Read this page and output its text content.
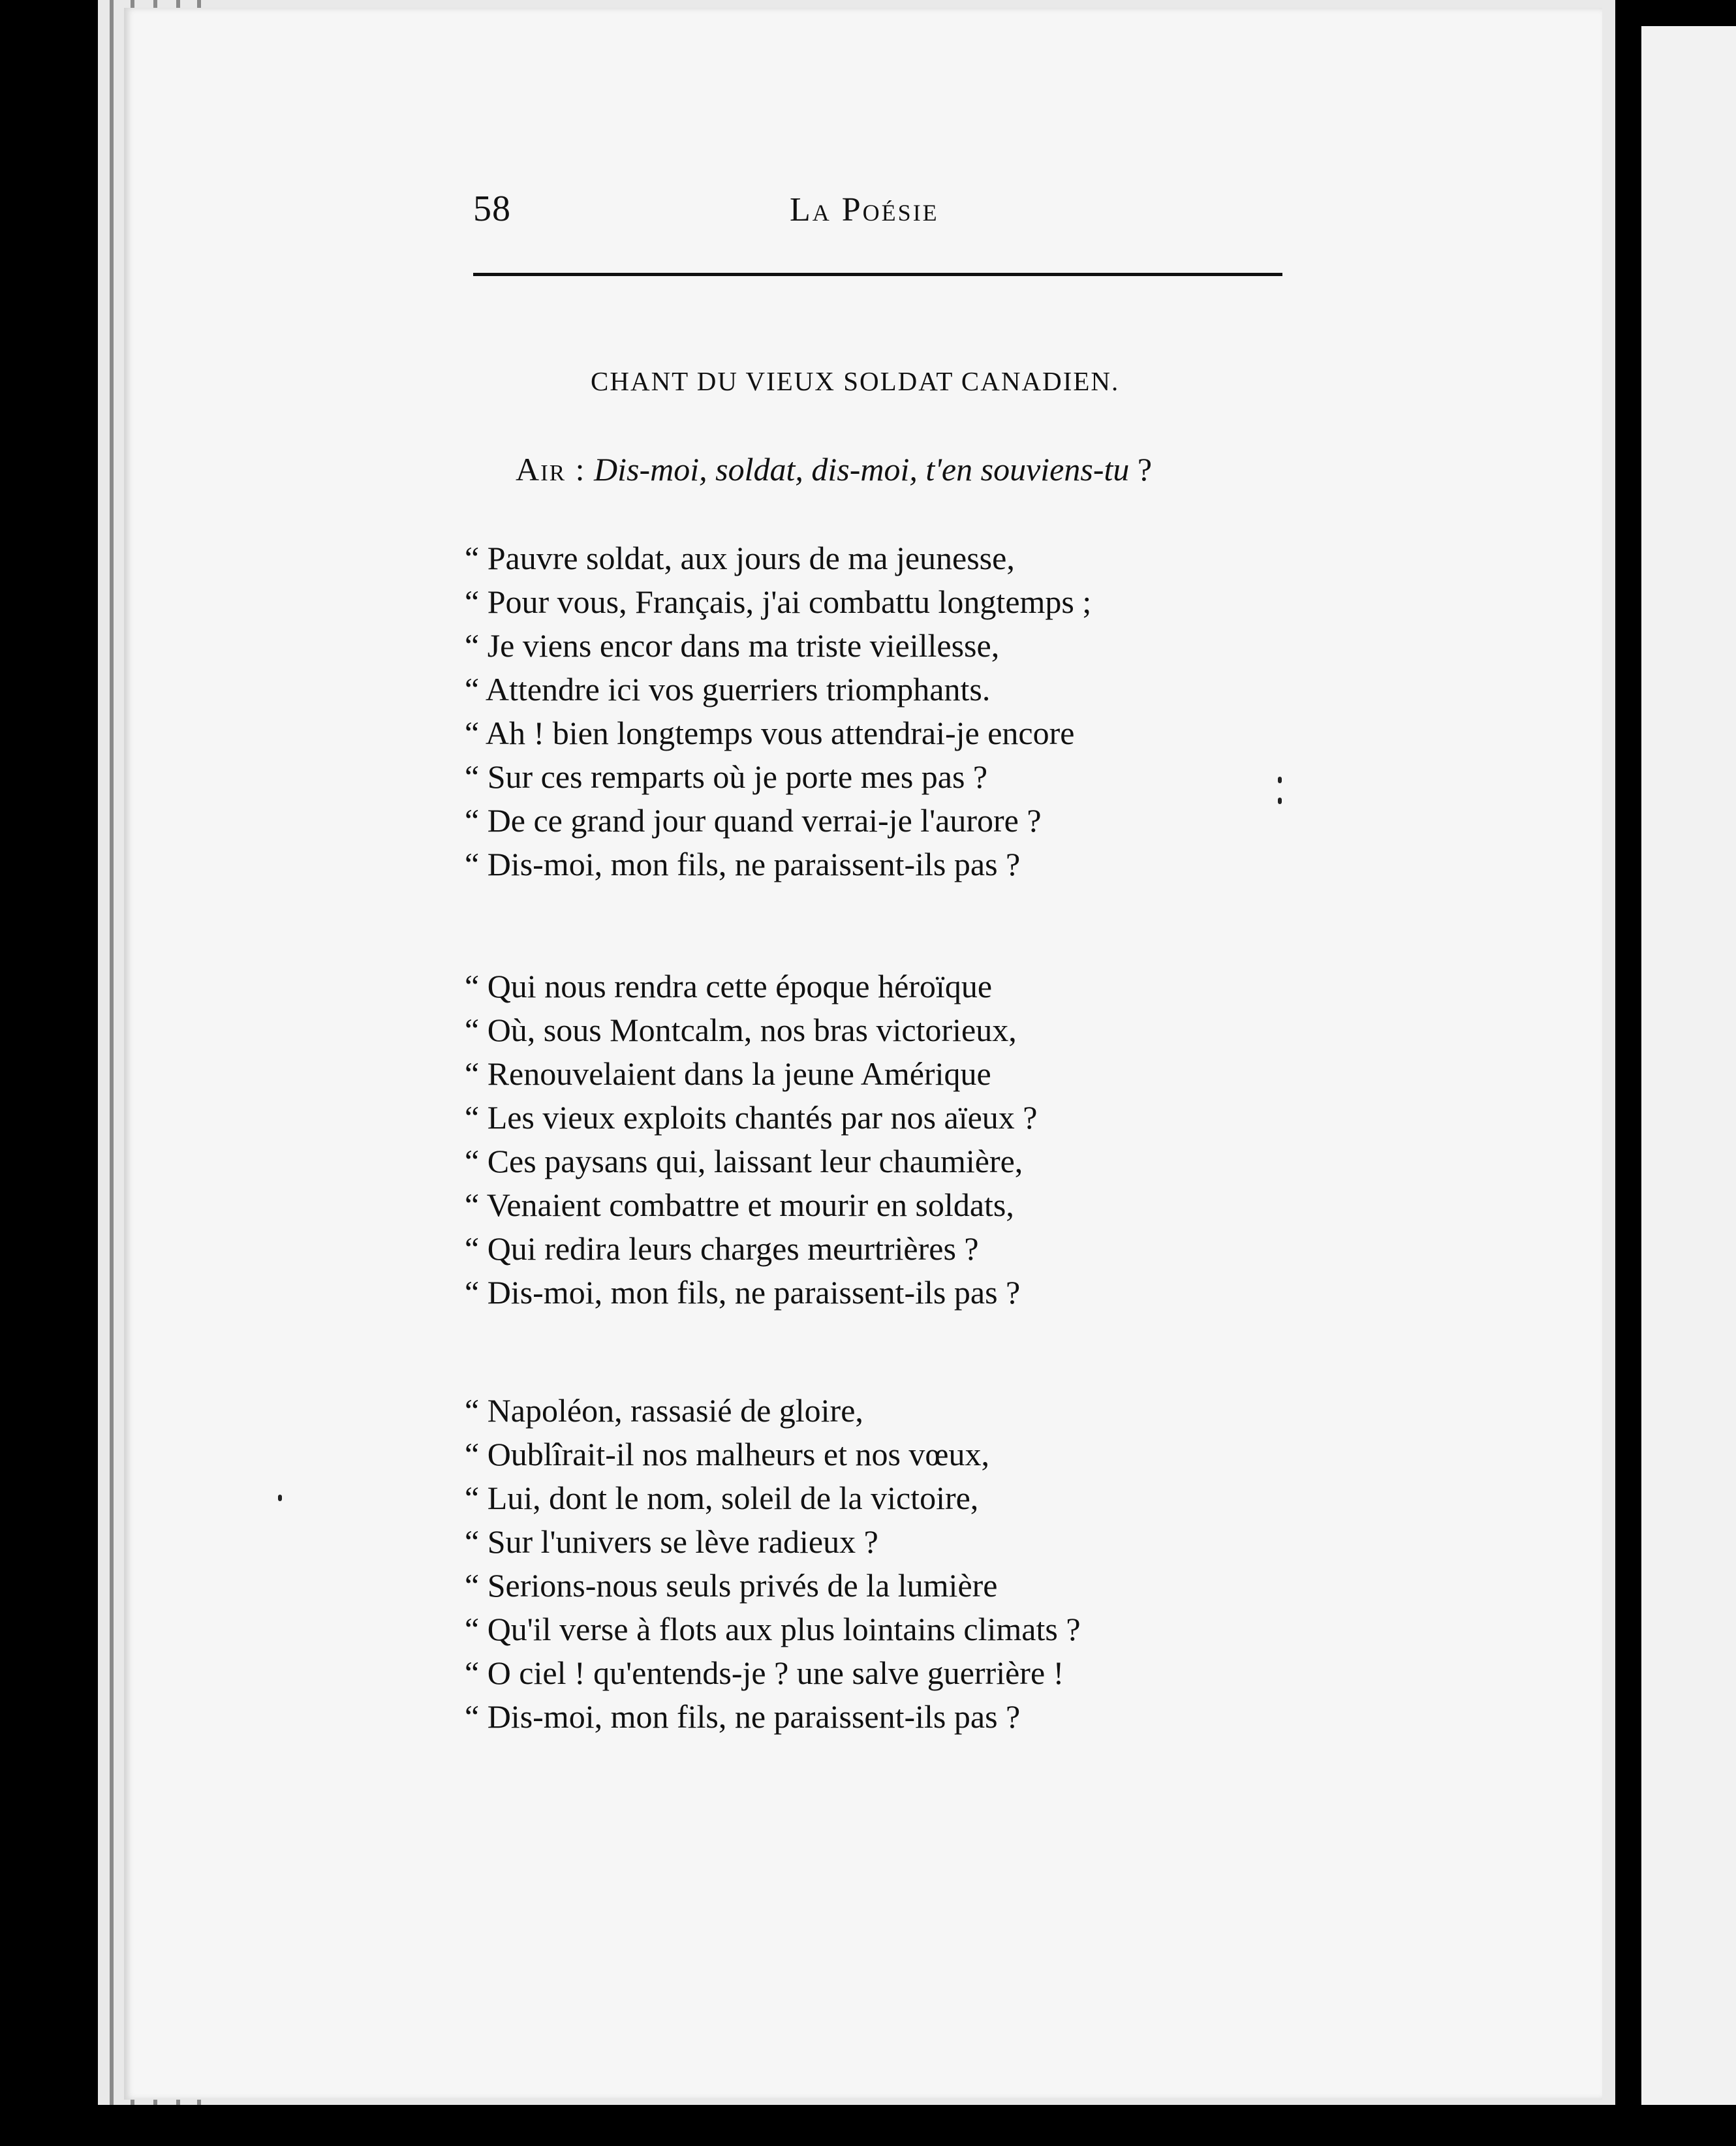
58	La Poésie
CHANT DU VIEUX SOLDAT CANADIEN.
Air : Dis-moi, soldat, dis-moi, t'en souviens-tu ?
“ Pauvre soldat, aux jours de ma jeunesse,
“ Pour vous, Français, j'ai combattu longtemps ;
“ Je viens encor dans ma triste vieillesse,
“ Attendre ici vos guerriers triomphants.
“ Ah ! bien longtemps vous attendrai-je encore
“ Sur ces remparts où je porte mes pas ?
“ De ce grand jour quand verrai-je l'aurore ?
“ Dis-moi, mon fils, ne paraissent-ils pas ?
“ Qui nous rendra cette époque héroïque
“ Où, sous Montcalm, nos bras victorieux,
“ Renouvelaient dans la jeune Amérique
“ Les vieux exploits chantés par nos aïeux ?
“ Ces paysans qui, laissant leur chaumière,
“ Venaient combattre et mourir en soldats,
“ Qui redira leurs charges meurtrières ?
“ Dis-moi, mon fils, ne paraissent-ils pas ?
“ Napoléon, rassasié de gloire,
“ Oublîrait-il nos malheurs et nos vœux,
“ Lui, dont le nom, soleil de la victoire,
“ Sur l'univers se lève radieux ?
“ Serions-nous seuls privés de la lumière
“ Qu'il verse à flots aux plus lointains climats ?
“ O ciel ! qu'entends-je ? une salve guerrière !
“ Dis-moi, mon fils, ne paraissent-ils pas ?
